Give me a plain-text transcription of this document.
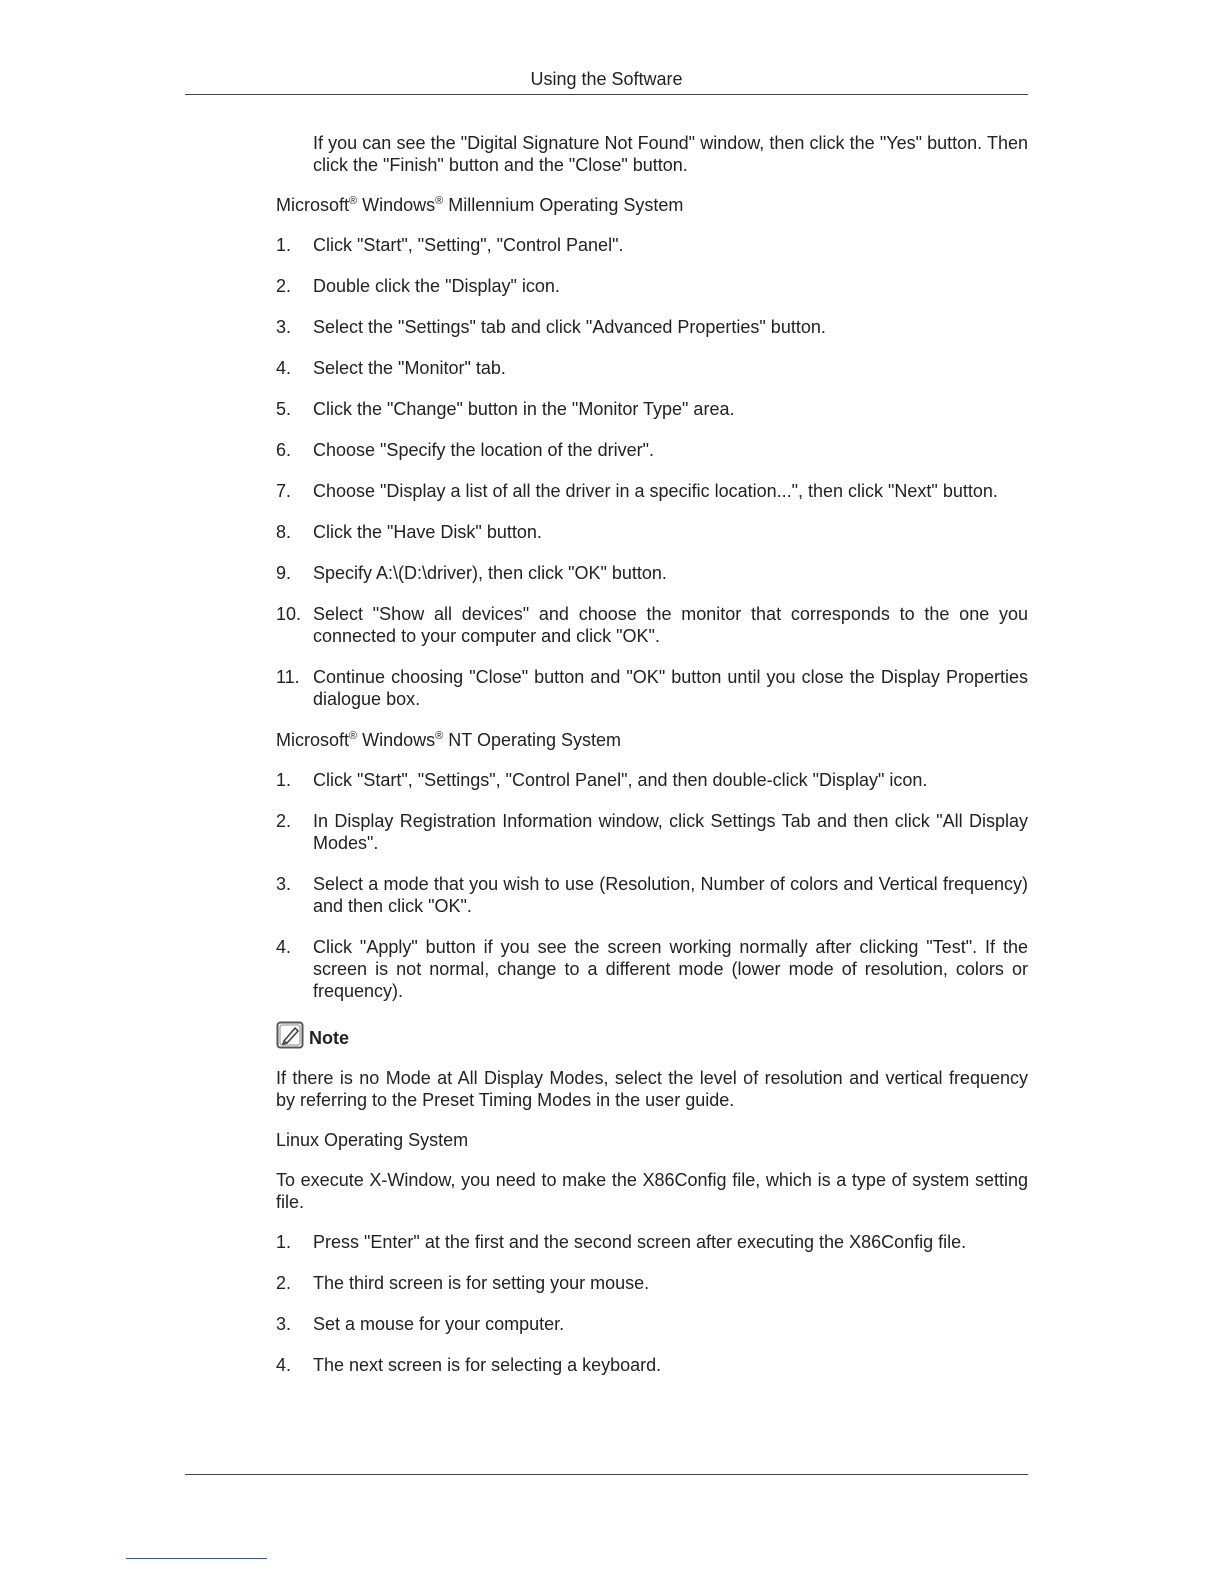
Using the Software

If you can see the "Digital Signature Not Found" window, then click the "Yes" button. Then click the "Finish" button and the "Close" button.

Microsoft® Windows® Millennium Operating System
1. Click "Start", "Setting", "Control Panel".
2. Double click the "Display" icon.
3. Select the "Settings" tab and click "Advanced Properties" button.
4. Select the "Monitor" tab.
5. Click the "Change" button in the "Monitor Type" area.
6. Choose "Specify the location of the driver".
7. Choose "Display a list of all the driver in a specific location...", then click "Next" button.
8. Click the "Have Disk" button.
9. Specify A:\(D:\driver), then click "OK" button.
10. Select "Show all devices" and choose the monitor that corresponds to the one you connected to your computer and click "OK".
11. Continue choosing "Close" button and "OK" button until you close the Display Properties dialogue box.
Microsoft® Windows® NT Operating System
1. Click "Start", "Settings", "Control Panel", and then double-click "Display" icon.
2. In Display Registration Information window, click Settings Tab and then click "All Display Modes".
3. Select a mode that you wish to use (Resolution, Number of colors and Vertical frequency) and then click "OK".
4. Click "Apply" button if you see the screen working normally after clicking "Test". If the screen is not normal, change to a different mode (lower mode of resolution, colors or frequency).
Note

If there is no Mode at All Display Modes, select the level of resolution and vertical frequency by referring to the Preset Timing Modes in the user guide.

Linux Operating System

To execute X-Window, you need to make the X86Config file, which is a type of system setting file.

1. Press "Enter" at the first and the second screen after executing the X86Config file.
2. The third screen is for setting your mouse.
3. Set a mouse for your computer.
4. The next screen is for selecting a keyboard.
